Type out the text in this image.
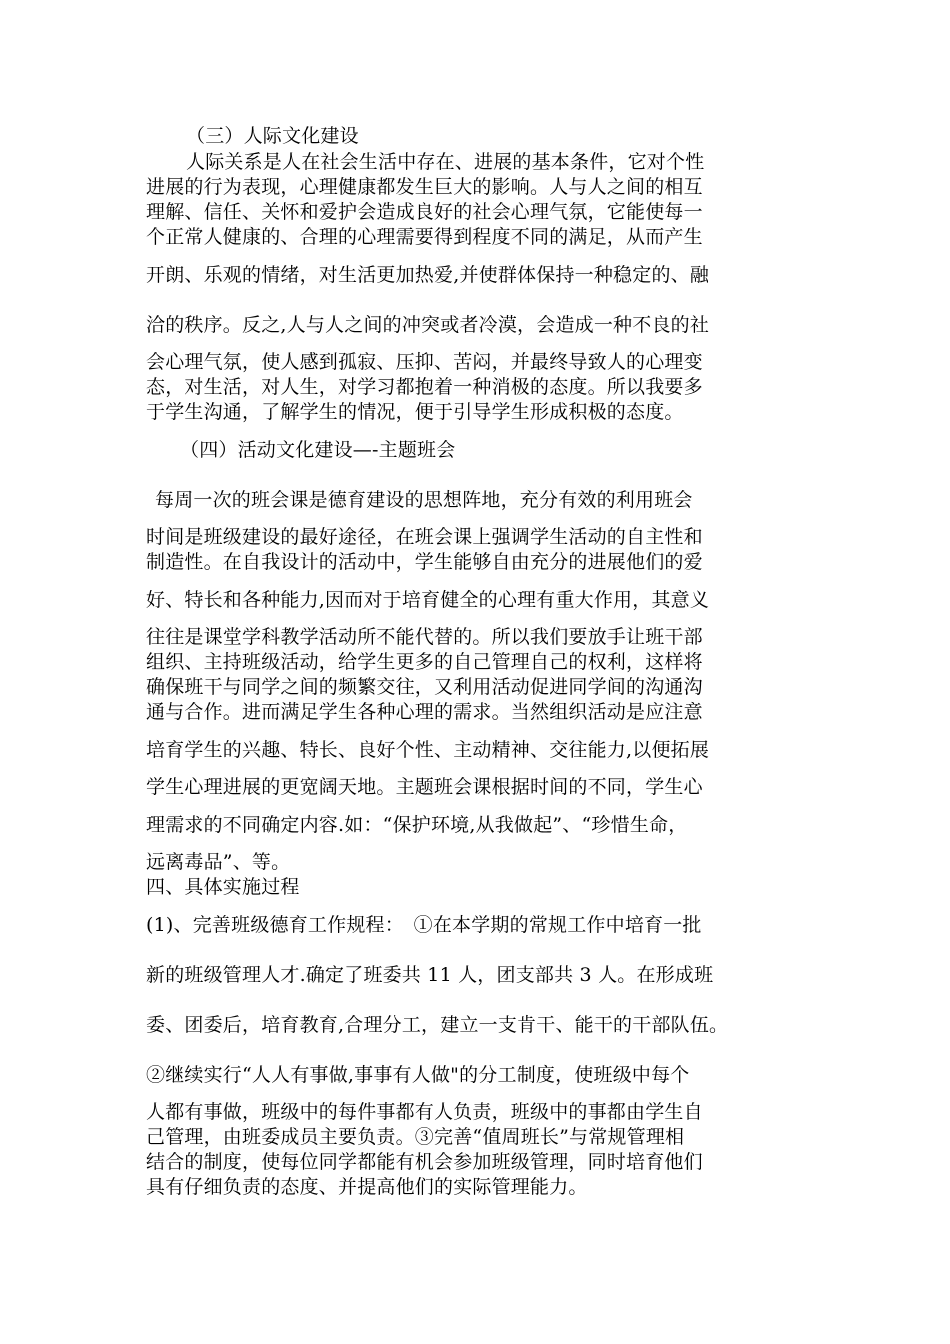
（三）人际文化建设
人际关系是人在社会生活中存在、进展的基本条件，它对个性
进展的行为表现，心理健康都发生巨大的影响。人与人之间的相互
理解、信任、关怀和爱护会造成良好的社会心理气氛，它能使每一
个正常人健康的、合理的心理需要得到程度不同的满足，从而产生
开朗、乐观的情绪，对生活更加热爱,并使群体保持一种稳定的、融
洽的秩序。反之,人与人之间的冲突或者冷漠，会造成一种不良的社
会心理气氛，使人感到孤寂、压抑、苦闷，并最终导致人的心理变
态，对生活，对人生，对学习都抱着一种消极的态度。所以我要多
于学生沟通，了解学生的情况，便于引导学生形成积极的态度。
（四）活动文化建设—-主题班会
每周一次的班会课是德育建设的思想阵地，充分有效的利用班会
时间是班级建设的最好途径，在班会课上强调学生活动的自主性和
制造性。在自我设计的活动中，学生能够自由充分的进展他们的爱
好、特长和各种能力,因而对于培育健全的心理有重大作用，其意义
往往是课堂学科教学活动所不能代替的。所以我们要放手让班干部
组织、主持班级活动，给学生更多的自己管理自己的权利，这样将
确保班干与同学之间的频繁交往，又利用活动促进同学间的沟通沟
通与合作。进而满足学生各种心理的需求。当然组织活动是应注意
培育学生的兴趣、特长、良好个性、主动精神、交往能力,以便拓展
学生心理进展的更宽阔天地。主题班会课根据时间的不同，学生心
理需求的不同确定内容.如：“保护环境,从我做起”、“珍惜生命，
远离毒品”、等。
四、具体实施过程
(1)、完善班级德育工作规程：　①在本学期的常规工作中培育一批
新的班级管理人才.确定了班委共 11 人，团支部共 3 人。在形成班
委、团委后，培育教育,合理分工，建立一支肯干、能干的干部队伍。
②继续实行“人人有事做,事事有人做"的分工制度，使班级中每个
人都有事做，班级中的每件事都有人负责，班级中的事都由学生自
己管理，由班委成员主要负责。③完善“值周班长”与常规管理相
结合的制度，使每位同学都能有机会参加班级管理，同时培育他们
具有仔细负责的态度、并提高他们的实际管理能力。
